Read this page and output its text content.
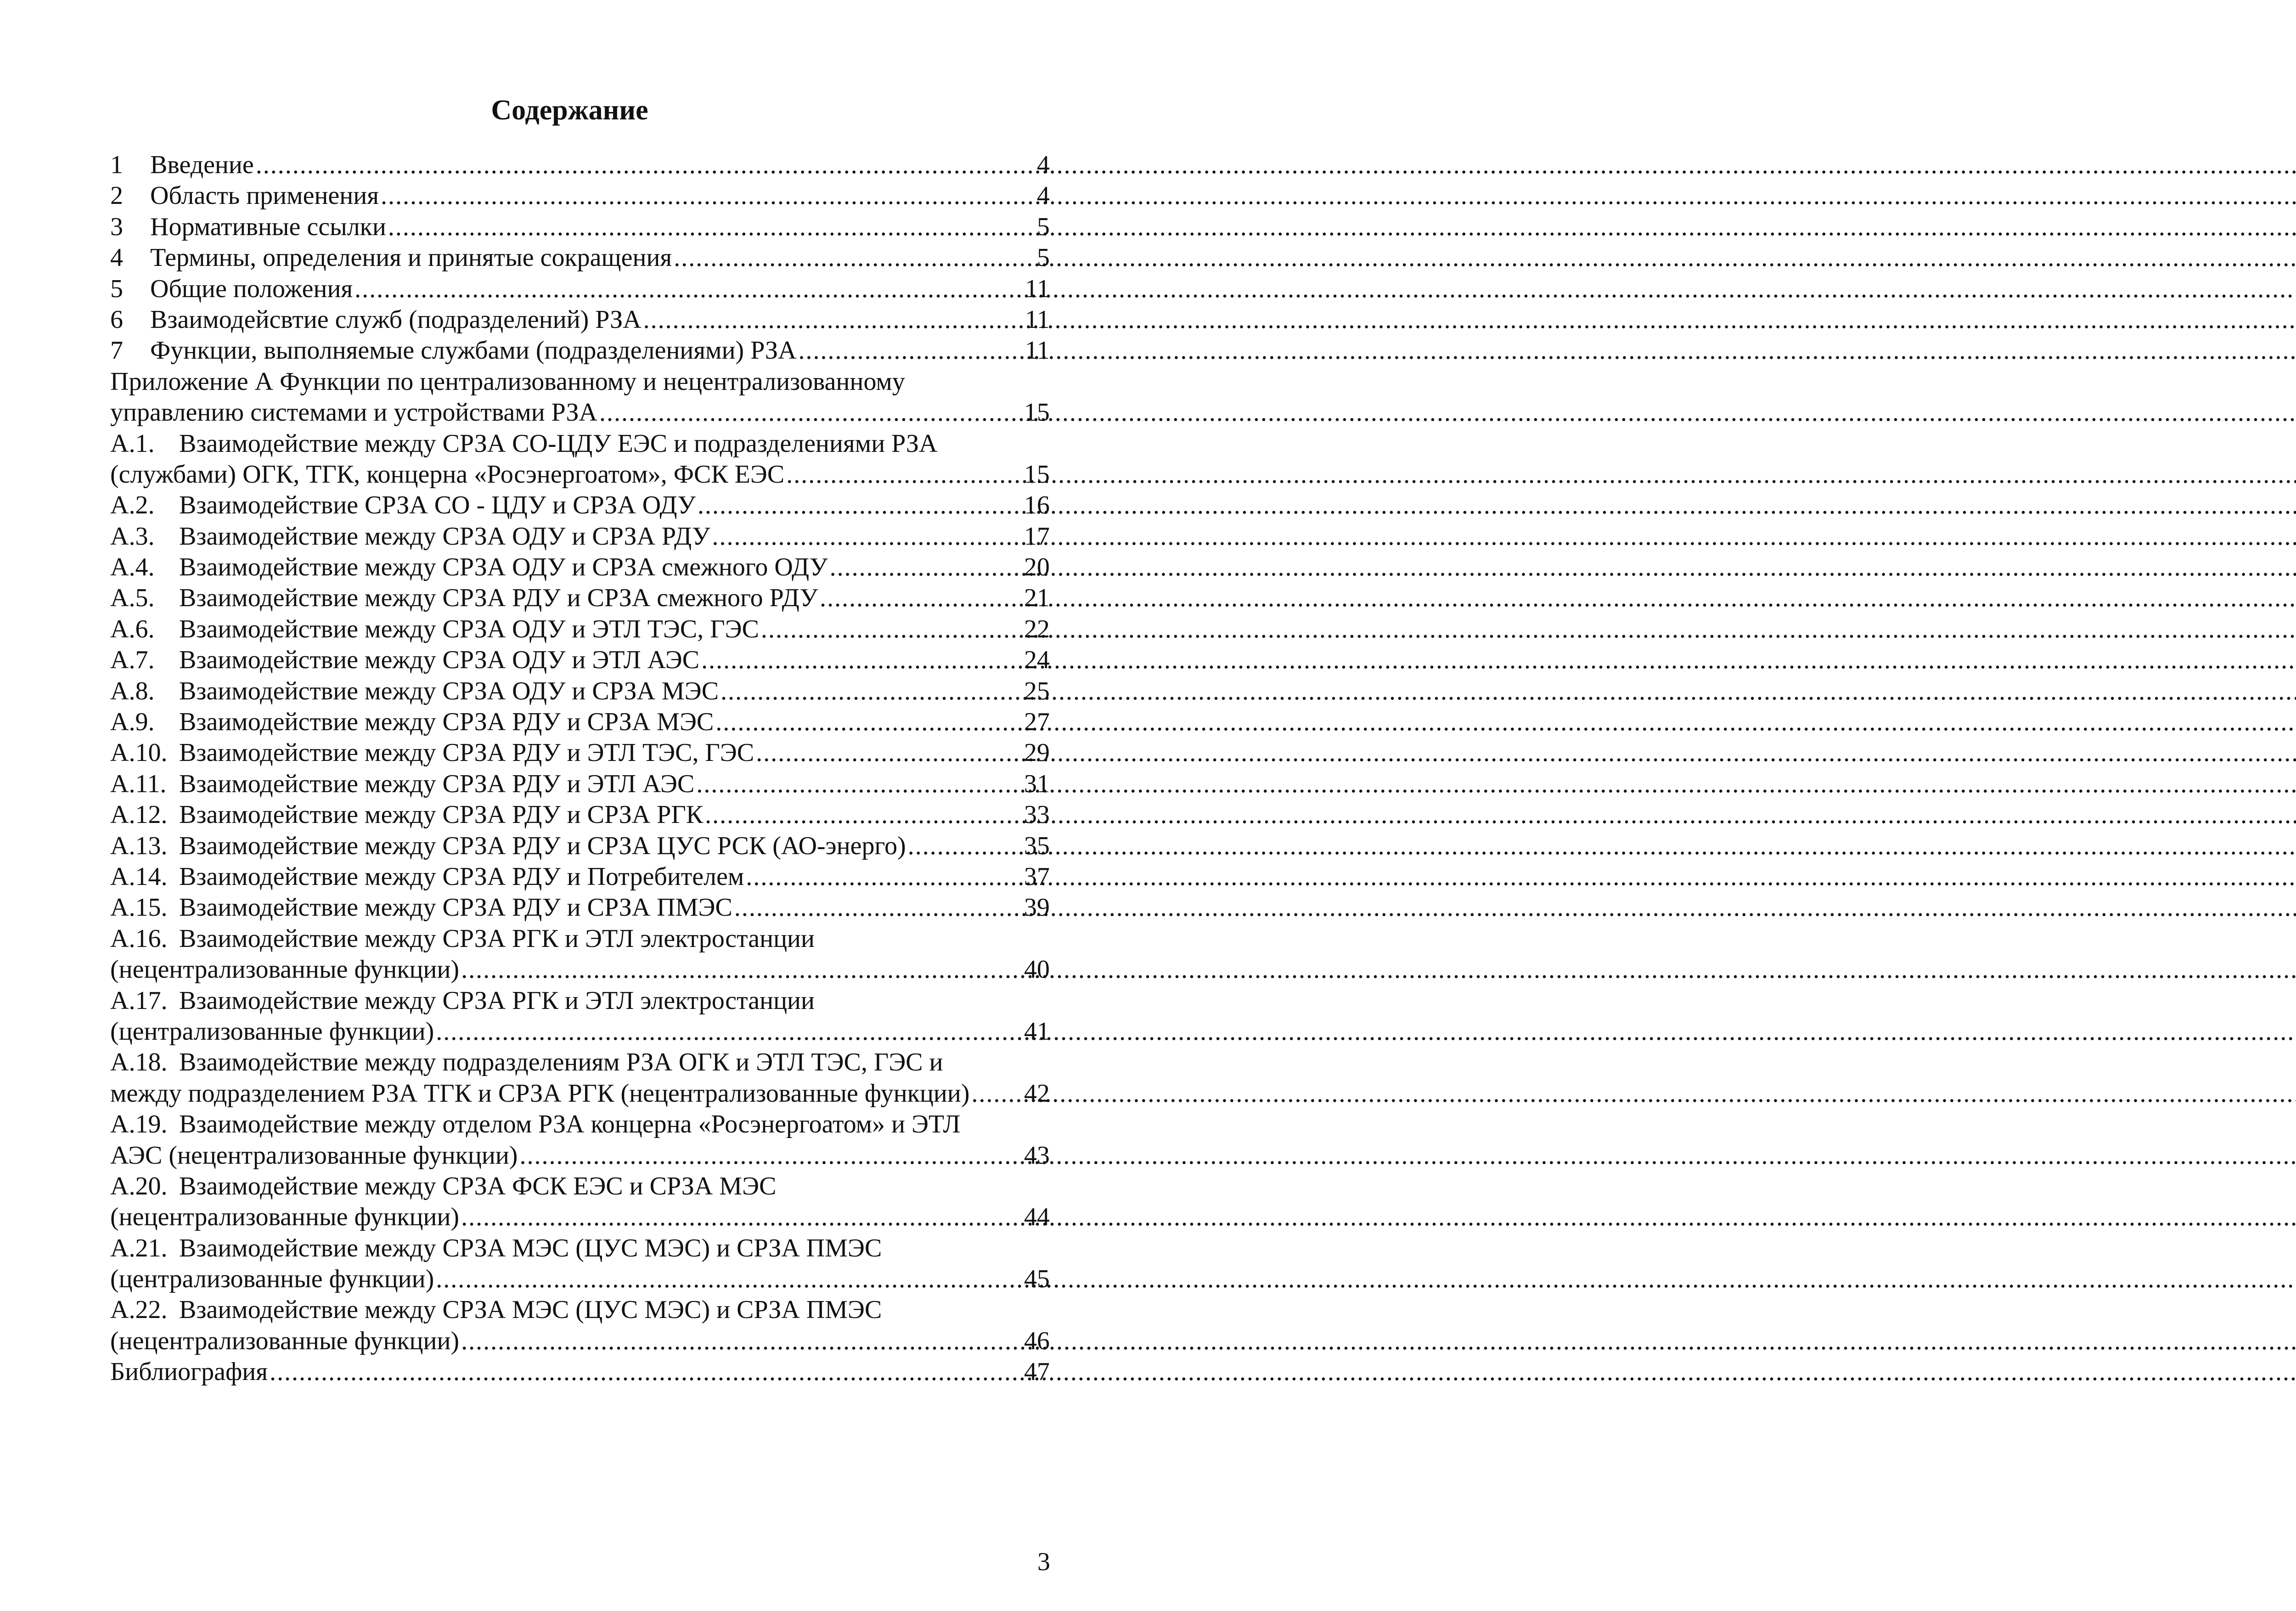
Содержание
1	Введение .....	4
2	Область применения .....	4
3	Нормативные ссылки .....	5
4	Термины, определения и принятые сокращения .....	5
5	Общие положения .....	11
6	Взаимодейсвтие служб (подразделений) РЗА .....	11
7	Функции, выполняемые службами (подразделениями) РЗА .....	11
Приложение А Функции по централизованному и нецентрализованному
управлению системами и устройствами РЗА .....	15
А.1. Взаимодействие между СРЗА СО-ЦДУ ЕЭС и подразделениями РЗА
(службами) ОГК, ТГК, концерна «Росэнергоатом», ФСК ЕЭС .....	15
А.2. Взаимодействие СРЗА СО - ЦДУ и СРЗА ОДУ .....	16
А.3. Взаимодействие между СРЗА ОДУ и СРЗА РДУ .....	17
А.4. Взаимодействие между СРЗА ОДУ и СРЗА смежного ОДУ .....	20
А.5. Взаимодействие между СРЗА РДУ и СРЗА смежного РДУ .....	21
А.6. Взаимодействие между СРЗА ОДУ и ЭТЛ ТЭС, ГЭС .....	22
А.7. Взаимодействие между СРЗА ОДУ и ЭТЛ АЭС .....	24
А.8. Взаимодействие между СРЗА ОДУ и СРЗА МЭС .....	25
А.9. Взаимодействие между СРЗА РДУ и СРЗА МЭС .....	27
А.10. Взаимодействие между СРЗА РДУ и ЭТЛ ТЭС, ГЭС .....	29
А.11. Взаимодействие между СРЗА РДУ и ЭТЛ АЭС .....	31
А.12. Взаимодействие между СРЗА РДУ и СРЗА РГК .....	33
А.13. Взаимодействие между СРЗА РДУ и СРЗА ЦУС РСК (АО-энерго) .....	35
А.14. Взаимодействие между СРЗА РДУ и Потребителем .....	37
А.15. Взаимодействие между СРЗА РДУ и СРЗА ПМЭС .....	39
А.16. Взаимодействие между СРЗА РГК и ЭТЛ электростанции
(нецентрализованные функции) .....	40
А.17. Взаимодействие между СРЗА РГК и ЭТЛ электростанции
(централизованные функции) .....	41
А.18. Взаимодействие между подразделениям РЗА ОГК и ЭТЛ ТЭС, ГЭС и
между подразделением РЗА ТГК и СРЗА РГК (нецентрализованные функции) ..... 42
А.19. Взаимодействие между отделом РЗА концерна «Росэнергоатом» и ЭТЛ
АЭС (нецентрализованные функции) .....	43
А.20. Взаимодействие между СРЗА ФСК ЕЭС и СРЗА МЭС
(нецентрализованные функции) .....	44
А.21. Взаимодействие между СРЗА МЭС (ЦУС МЭС) и СРЗА ПМЭС
(централизованные функции) .....	45
А.22. Взаимодействие между СРЗА МЭС (ЦУС МЭС) и СРЗА ПМЭС
(нецентрализованные функции) .....	46
Библиография .....	47
3
